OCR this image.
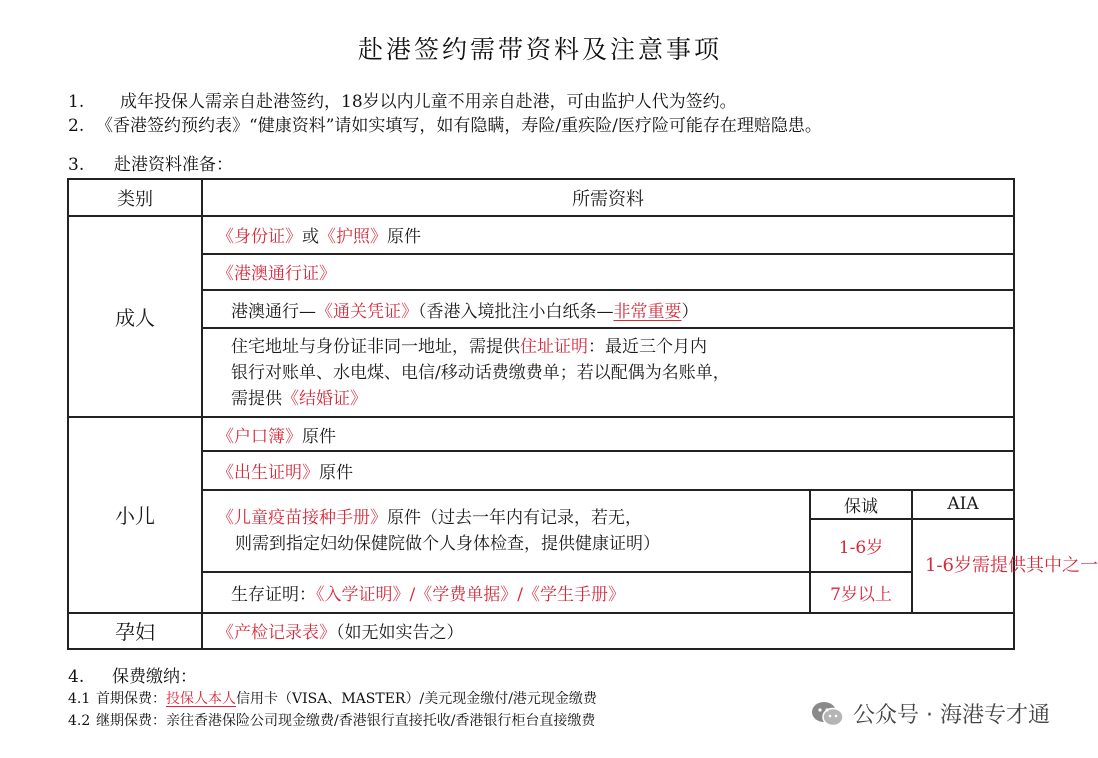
赴港签约需带资料及注意事项
1. 成年投保人需亲自赴港签约，18岁以内儿童不用亲自赴港，可由监护人代为签约。
2. 《香港签约预约表》“健康资料”请如实填写，如有隐瞒，寿险/重疾险/医疗险可能存在理赔隐患。
3. 赴港资料准备：
类别	所需资料		
成人	《身份证》或《护照》原件		
	《港澳通行证》		
	港澳通行—《通关凭证》（香港入境批注小白纸条—非常重要）		
	住宅地址与身份证非同一地址，需提供住址证明：最近三个月内
银行对账单、水电煤、电信/移动话费缴费单；若以配偶为名账单，
需提供《结婚证》		
小儿	《户口簿》原件		
	《出生证明》原件		
	《儿童疫苗接种手册》原件（过去一年内有记录，若无，
则需到指定妇幼保健院做个人身体检查，提供健康证明）	保诚	AIA
		1-6岁	1-6岁需提供其中之一
	生存证明：《入学证明》/《学费单据》/《学生手册》	7岁以上	
孕妇	《产检记录表》（如无如实告之）		
4. 保费缴纳：
4.1 首期保费：投保人本人信用卡（VISA、MASTER）/美元现金缴付/港元现金缴费
4.2 继期保费：亲往香港保险公司现金缴费/香港银行直接托收/香港银行柜台直接缴费	公众号 · 海港专才通
